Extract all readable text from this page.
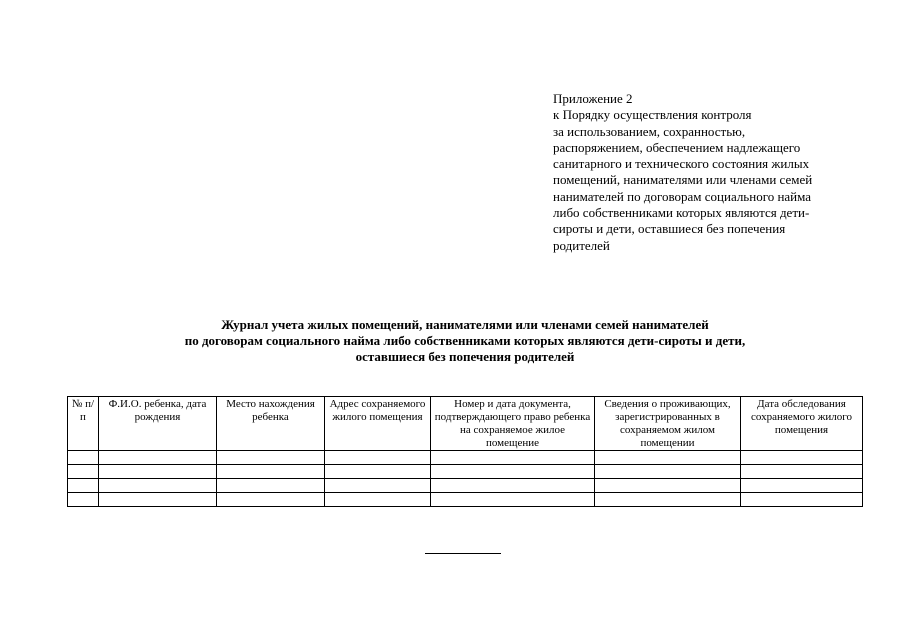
Приложение 2
к Порядку осуществления контроля
за использованием, сохранностью,
распоряжением, обеспечением надлежащего
санитарного и технического состояния жилых
помещений, нанимателями или членами семей
нанимателей по договорам социального найма
либо собственниками которых являются дети-
сироты и дети, оставшиеся без попечения
родителей
Журнал учета жилых помещений, нанимателями или членами семей нанимателей
по договорам социального найма либо собственниками которых являются дети-сироты и дети,
оставшиеся без попечения родителей
№ п/п	Ф.И.О. ребенка, дата рождения	Место нахождения ребенка	Адрес сохраняемого жилого помещения	Номер и дата документа, подтверждающего право ребенка на сохраняемое жилое помещение	Сведения о проживающих, зарегистрированных в сохраняемом жилом помещении	Дата обследования сохраняемого жилого помещения
